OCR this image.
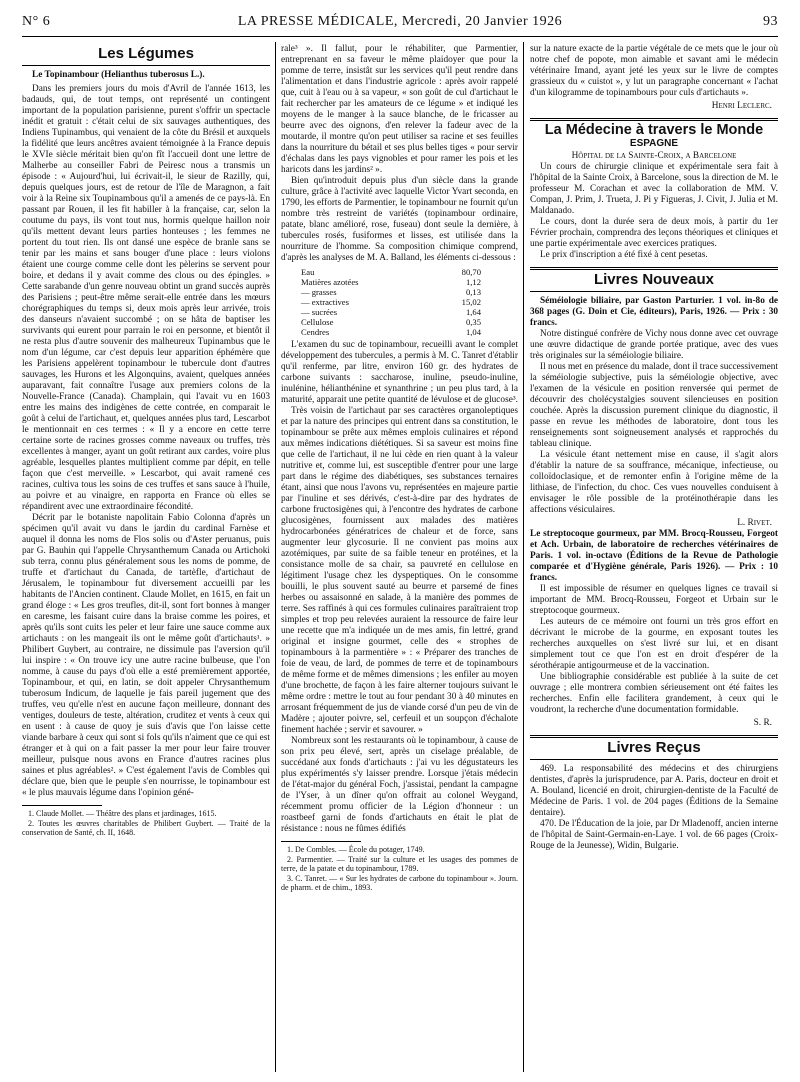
N° 6	LA PRESSE MÉDICALE, Mercredi, 20 Janvier 1926	93
Les Légumes

Le Topinambour (Helianthus tuberosus L.).

Dans les premiers jours du mois d'Avril de l'année 1613, les badauds, qui, de tout temps, ont représenté un contingent important de la population parisienne, purent s'offrir un spectacle inédit et gratuit : c'était celui de six sauvages authentiques, des Indiens Tupinambus, qui venaient de la côte du Brésil et auxquels la fidélité que leurs ancêtres avaient témoignée à la France depuis le XVIe siècle méritait bien qu'on fît l'accueil dont une lettre de Malherbe au conseiller Fabri de Peiresc nous a transmis un épisode : « Aujourd'hui, lui écrivait-il, le sieur de Razilly, qui, depuis quelques jours, est de retour de l'île de Maragnon, a fait voir à la Reine six Toupinambous qu'il a amenés de ce pays-là. En passant par Rouen, il les fit habiller à la française, car, selon la coutume du pays, ils vont tout nus, hormis quelque haillon noir qu'ils mettent devant leurs parties honteuses ; les femmes ne portent du tout rien. Ils ont dansé une espèce de branle sans se tenir par les mains et sans bouger d'une place : leurs violons étaient une courge comme celle dont les pèlerins se servent pour boire, et dedans il y avait comme des clous ou des épingles. » Cette sarabande d'un genre nouveau obtint un grand succès auprès des Parisiens ; peut-être même serait-elle entrée dans les mœurs chorégraphiques du temps si, deux mois après leur arrivée, trois des danseurs n'avaient succombé ; on se hâta de baptiser les survivants qui eurent pour parrain le roi en personne, et bientôt il ne resta plus d'autre souvenir des malheureux Tupinambus que le nom d'un légume, car c'est depuis leur apparition éphémère que les Parisiens appelèrent topinambour le tubercule dont d'autres sauvages, les Hurons et les Algonquins, avaient, quelques années auparavant, fait connaître l'usage aux premiers colons de la Nouvelle-France (Canada). Champlain, qui l'avait vu en 1603 entre les mains des indigènes de cette contrée, en comparait le goût à celui de l'artichaut, et, quelques années plus tard, Lescarbot le mentionnait en ces termes : « Il y a encore en cette terre certaine sorte de racines grosses comme naveaux ou truffes, très excellentes à manger, ayant un goût retirant aux cardes, voire plus agréable, lesquelles plantes multiplient comme par dépit, en telle façon que c'est merveille. » Lescarbot, qui avait ramené ces racines, cultiva tous les soins de ces truffes et sans sauce à l'huile, au poivre et au vinaigre, en rapporta en France où elles se répandirent avec une extraordinaire fécondité.

Décrit par le botaniste napolitain Fabio Colonna d'après un spécimen qu'il avait vu dans le jardin du cardinal Farnèse et auquel il donna les noms de Flos solis ou d'Aster peruanus, puis par G. Bauhin qui l'appelle Chrysanthemum Canada ou Artichoki sub terra, connu plus généralement sous les noms de pomme, de truffe et d'artichaut du Canada, de tartèfle, d'artichaut de Jérusalem, le topinambour fut diversement accueilli par les habitants de l'Ancien continent. Claude Mollet, en 1615, en fait un grand éloge : « Les gros treufles, dit-il, sont fort bonnes à manger en caresme, les faisant cuire dans la braise comme les poires, et après qu'ils sont cuits les peler et leur faire une sauce comme aux artichauts : on les mangeait ils ont le même goût d'artichauts¹. » Philibert Guybert, au contraire, ne dissimule pas l'aversion qu'il lui inspire : « On trouve icy une autre racine bulbeuse, que l'on nomme, à cause du pays d'où elle a esté premièrement apportée, Topinambour, et qui, en latin, se doit appeler Chrysanthemum tuberosum Indicum, de laquelle je fais pareil jugement que des truffes, veu qu'elle n'est en aucune façon meilleure, donnant des ventiges, douleurs de teste, altération, cruditez et vents à ceux qui en usent : à cause de quoy je suis d'avis que l'on laisse cette viande barbare à ceux qui sont si fols qu'ils n'aiment que ce qui est étranger et à qui on a fait passer la mer pour leur faire trouver meilleur, pulsque nous avons en France d'autres racines plus saines et plus agréables². » C'est également l'avis de Combles qui déclare que, bien que le peuple s'en nourrisse, le topinambour est « le plus mauvais légume dans l'opinion géné-

1. Claude Mollet. — Théâtre des plans et jardinages, 1615.

2. Toutes les œuvres charitables de Philibert Guybert. — Traité de la conservation de Santé, ch. II, 1648.

rale³ ». Il fallut, pour le réhabiliter, que Parmentier, entreprenant en sa faveur le même plaidoyer que pour la pomme de terre, insistât sur les services qu'il peut rendre dans l'alimentation et dans l'industrie agricole : après avoir rappelé que, cuit à l'eau ou à sa vapeur, « son goût de cul d'artichaut le fait rechercher par les amateurs de ce légume » et indiqué les moyens de le manger à la sauce blanche, de le fricasser au beurre avec des oignons, d'en relever la fadeur avec de la moutarde, il montre qu'on peut utiliser sa racine et ses feuilles dans la nourriture du bétail et ses plus belles tiges « pour servir d'échalas dans les pays vignobles et pour ramer les pois et les haricots dans les jardins² ».

Bien qu'introduit depuis plus d'un siècle dans la grande culture, grâce à l'activité avec laquelle Victor Yvart seconda, en 1790, les efforts de Parmentier, le topinambour ne fournit qu'un nombre très restreint de variétés (topinambour ordinaire, patate, blanc amélioré, rose, fuseau) dont seule la dernière, à tubercules rosés, fusiformes et lisses, est utilisée dans la nourriture de l'homme. Sa composition chimique comprend, d'après les analyses de M. A. Balland, les éléments ci-dessous :

Eau	80,70
Matières azotées	1,12
— grasses	0,13
— extractives	15,02
— sucrées	1,64
Cellulose	0,35
Cendres	1,04

L'examen du suc de topinambour, recueilli avant le complet développement des tubercules, a permis à M. C. Tanret d'établir qu'il renferme, par litre, environ 160 gr. des hydrates de carbone suivants : saccharose, inuline, pseudo-inuline, inulénine, hélianthénine et synanthrine ; un peu plus tard, à la maturité, apparait une petite quantité de lévulose et de glucose³.

Très voisin de l'artichaut par ses caractères organoleptiques et par la nature des principes qui entrent dans sa constitution, le topinambour se prête aux mêmes emplois culinaires et répond aux mêmes indications diététiques. Si sa saveur est moins fine que celle de l'artichaut, il ne lui cède en rien quant à la valeur nutritive et, comme lui, est susceptible d'entrer pour une large part dans le régime des diabétiques, ses substances ternaires étant, ainsi que nous l'avons vu, représentées en majeure partie par l'inuline et ses dérivés, c'est-à-dire par des hydrates de carbone fructosigènes qui, à l'encontre des hydrates de carbone glucosigènes, fournissent aux malades des matières hydrocarbonées génératrices de chaleur et de force, sans augmenter leur glycosurie. Il ne convient pas moins aux azotémiques, par suite de sa faible teneur en protéines, et la consistance molle de sa chair, sa pauvreté en cellulose en légitiment l'usage chez les dyspeptiques. On le consomme bouilli, le plus souvent sauté au beurre et parsemé de fines herbes ou assaisonné en salade, à la manière des pommes de terre. Ses raffinés à qui ces formules culinaires paraîtraient trop simples et trop peu relevées auraient la ressource de faire leur une recette que m'a indiquée un de mes amis, fin lettré, grand original et insigne gourmet, celle des « strophes de topinambours à la parmentière » : « Préparer des tranches de foie de veau, de lard, de pommes de terre et de topinambours de même forme et de mêmes dimensions ; les enfiler au moyen d'une brochette, de façon à les faire alterner toujours suivant le même ordre : mettre le tout au four pendant 30 à 40 minutes en arrosant fréquemment de jus de viande corsé d'un peu de vin de Madère ; ajouter poivre, sel, cerfeuil et un soupçon d'échalote finement hachée ; servir et savourer. »

Nombreux sont les restaurants où le topinambour, à cause de son prix peu élevé, sert, après un ciselage préalable, de succédané aux fonds d'artichauts : j'ai vu les dégustateurs les plus expérimentés s'y laisser prendre. Lorsque j'étais médecin de l'état-major du général Foch, j'assistai, pendant la campagne de l'Yser, à un dîner qu'on offrait au colonel Weygand, récemment promu officier de la Légion d'honneur : un roastbeef garni de fonds d'artichauts en était le plat de résistance : nous ne fûmes édifiés

1. De Combles. — École du potager, 1749.

2. Parmentier. — Traité sur la culture et les usages des pommes de terre, de la patate et du topinambour, 1789.

3. C. Tanret. — « Sur les hydrates de carbone du topinambour ». Journ. de pharm. et de chim., 1893.

sur la nature exacte de la partie végétale de ce mets que le jour où notre chef de popote, mon aimable et savant ami le médecin vétérinaire Imand, ayant jeté les yeux sur le livre de comptes grassieux du « cuistot », y lut un paragraphe concernant « l'achat d'un kilogramme de topinambours pour culs d'artichauts ».

Henri Leclerc.

La Médecine à travers le Monde
ESPAGNE

Hôpital de la Sainte-Croix, a Barcelone

Un cours de chirurgie clinique et expérimentale sera fait à l'hôpital de la Sainte Croix, à Barcelone, sous la direction de M. le professeur M. Corachan et avec la collaboration de MM. V. Compan, J. Prim, J. Trueta, J. Pi y Figueras, J. Civit, J. Julia et M. Maldanado.

Le cours, dont la durée sera de deux mois, à partir du 1er Février prochain, comprendra des leçons théoriques et cliniques et une partie expérimentale avec exercices pratiques.

Le prix d'inscription a été fixé à cent pesetas.

Livres Nouveaux

Séméiologie biliaire, par Gaston Parturier. 1 vol. in-8o de 368 pages (G. Doin et Cie, éditeurs), Paris, 1926. — Prix : 30 francs.

Notre distingué confrère de Vichy nous donne avec cet ouvrage une œuvre didactique de grande portée pratique, avec des vues très originales sur la séméiologie biliaire.

Il nous met en présence du malade, dont il trace successivement la séméiologie subjective, puis la séméiologie objective, avec l'examen de la vésicule en position renversée qui permet de découvrir des cholécystalgies souvent silencieuses en position couchée. Après la discussion purement clinique du diagnostic, il passe en revue les méthodes de laboratoire, dont tous les renseignements sont soigneusement analysés et rapprochés du tableau clinique.

La vésicule étant nettement mise en cause, il s'agit alors d'établir la nature de sa souffrance, mécanique, infectieuse, ou colloïdoclasique, et de remonter enfin à l'origine même de la lithiase, de l'infection, du choc. Ces vues nouvelles conduisent à envisager le rôle possible de la protéinothérapie dans les affections vésiculaires.

L. Rivet.

Le streptocoque gourmeux, par MM. Brocq-Rousseu, Forgeot et Ach. Urbain, de laboratoire de recherches vétérinaires de Paris. 1 vol. in-octavo (Éditions de la Revue de Pathologie comparée et d'Hygiène générale, Paris 1926). — Prix : 10 francs.

Il est impossible de résumer en quelques lignes ce travail si important de MM. Brocq-Rousseu, Forgeot et Urbain sur le streptocoque gourmeux.

Les auteurs de ce mémoire ont fourni un très gros effort en décrivant le microbe de la gourme, en exposant toutes les recherches auxquelles on s'est livré sur lui, et en disant simplement tout ce que l'on est en droit d'espérer de la sérothérapie antigourmeuse et de la vaccination.

Une bibliographie considérable est publiée à la suite de cet ouvrage ; elle montrera combien sérieusement ont été faites les recherches. Enfin elle facilitera grandement, à ceux qui le voudront, la recherche d'une documentation formidable.

S. R.

Livres Reçus

469. La responsabilité des médecins et des chirurgiens dentistes, d'après la jurisprudence, par A. Paris, docteur en droit et A. Bouland, licencié en droit, chirurgien-dentiste de la Faculté de Médecine de Paris. 1 vol. de 204 pages (Éditions de la Semaine dentaire).

470. De l'Éducation de la joie, par Dr Mladenoff, ancien interne de l'hôpital de Saint-Germain-en-Laye. 1 vol. de 66 pages (Croix-Rouge de la Jeunesse), Widin, Bulgarie.
